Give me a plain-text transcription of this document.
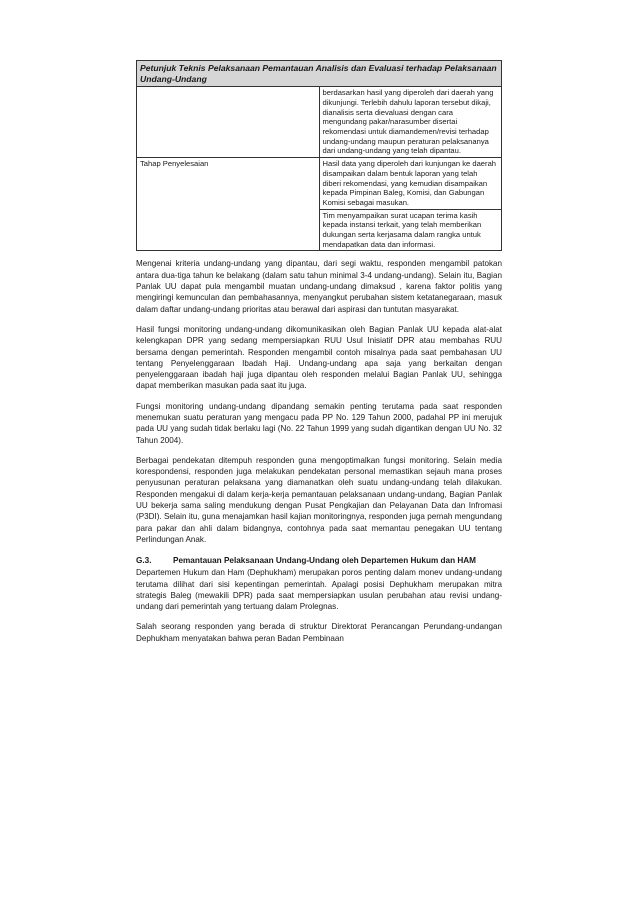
Petunjuk Teknis Pelaksanaan Pemantauan Analisis dan Evaluasi terhadap Pelaksanaan Undang-Undang	
	berdasarkan hasil yang diperoleh dari daerah yang dikunjungi. Terlebih dahulu laporan tersebut dikaji, dianalisis serta dievaluasi dengan cara mengundang pakar/narasumber disertai rekomendasi untuk diamandemen/revisi terhadap undang-undang maupun peraturan pelaksananya dari undang-undang yang telah dipantau.
Tahap Penyelesaian	Hasil data yang diperoleh dari kunjungan ke daerah disampaikan dalam bentuk laporan yang telah diberi rekomendasi, yang kemudian disampaikan kepada Pimpinan Baleg, Komisi, dan Gabungan Komisi sebagai masukan.
	Tim menyampaikan surat ucapan terima kasih kepada instansi terkait, yang telah memberikan dukungan serta kerjasama dalam rangka untuk mendapatkan data dan informasi.

Mengenai kriteria undang-undang yang dipantau, dari segi waktu, responden mengambil patokan antara dua-tiga tahun ke belakang (dalam satu tahun minimal 3-4 undang-undang). Selain itu, Bagian Panlak UU dapat pula mengambil muatan undang-undang dimaksud , karena faktor politis yang mengiringi kemunculan dan pembahasannya, menyangkut perubahan sistem ketatanegaraan, masuk dalam daftar undang-undang prioritas atau berawal dari aspirasi dan tuntutan masyarakat.

Hasil fungsi monitoring undang-undang dikomunikasikan oleh Bagian Panlak UU kepada alat-alat kelengkapan DPR yang sedang mempersiapkan RUU Usul Inisiatif DPR atau membahas RUU bersama dengan pemerintah. Responden mengambil contoh misalnya pada saat pembahasan UU tentang Penyelenggaraan Ibadah Haji. Undang-undang apa saja yang berkaitan dengan penyelenggaraan ibadah haji juga dipantau oleh responden melalui Bagian Panlak UU, sehingga dapat memberikan masukan pada saat itu juga.

Fungsi monitoring undang-undang dipandang semakin penting terutama pada saat responden menemukan suatu peraturan yang mengacu pada PP No. 129 Tahun 2000, padahal PP ini merujuk pada UU yang sudah tidak berlaku lagi (No. 22 Tahun 1999 yang sudah digantikan dengan UU No. 32 Tahun 2004).

Berbagai pendekatan ditempuh responden guna mengoptimalkan fungsi monitoring. Selain media korespondensi, responden juga melakukan pendekatan personal memastikan sejauh mana proses penyusunan peraturan pelaksana yang diamanatkan oleh suatu undang-undang telah dilakukan. Responden mengakui di dalam kerja-kerja pemantauan pelaksanaan undang-undang, Bagian Panlak UU bekerja sama saling mendukung dengan Pusat Pengkajian dan Pelayanan Data dan Infromasi (P3DI). Selain itu, guna menajamkan hasil kajian monitoringnya, responden juga pernah mengundang para pakar dan ahli dalam bidangnya, contohnya pada saat memantau penegakan UU tentang Perlindungan Anak.

G.3.	Pemantauan Pelaksanaan Undang-Undang oleh Departemen Hukum dan HAM

Departemen Hukum dan Ham (Dephukham) merupakan poros penting dalam monev undang-undang terutama dilihat dari sisi kepentingan pemerintah. Apalagi posisi Dephukham merupakan mitra strategis Baleg (mewakili DPR) pada saat mempersiapkan usulan perubahan atau revisi undang-undang dari pemerintah yang tertuang dalam Prolegnas.

Salah seorang responden yang berada di struktur Direktorat Perancangan Perundang-undangan Dephukham menyatakan bahwa peran Badan Pembinaan
